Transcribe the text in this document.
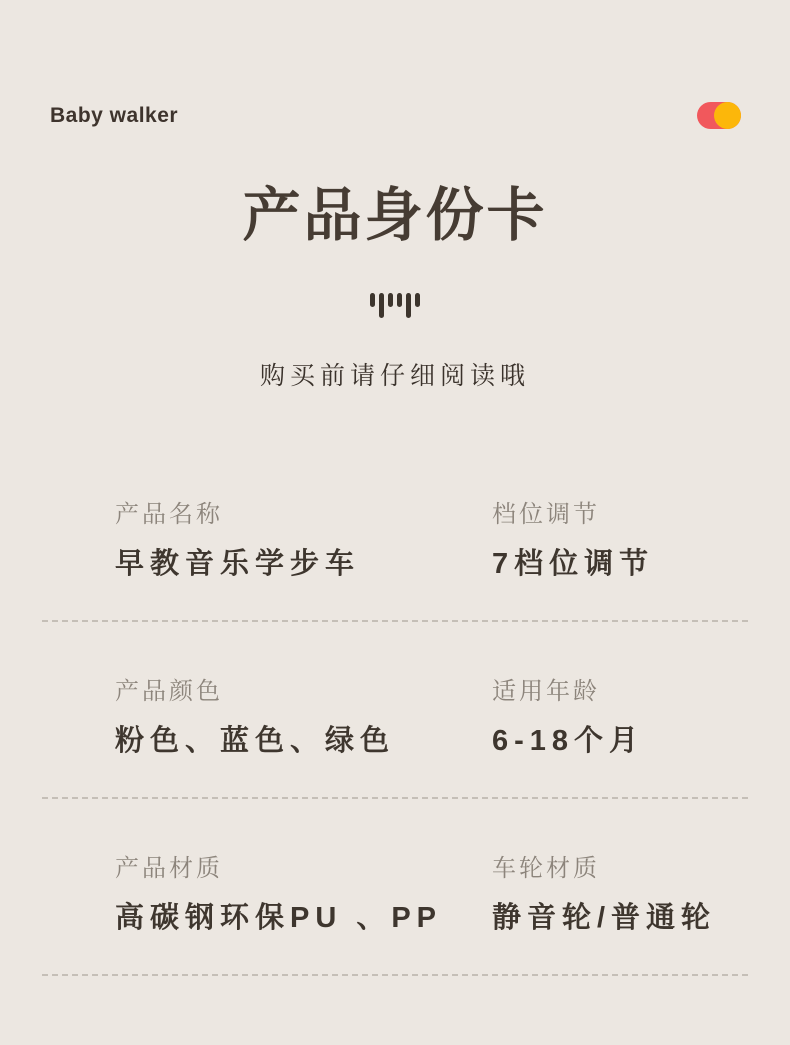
Baby walker
产品身份卡
购买前请仔细阅读哦
产品名称
早教音乐学步车
档位调节
7档位调节
产品颜色
粉色、蓝色、绿色
适用年龄
6-18个月
产品材质
高碳钢环保PU 、PP
车轮材质
静音轮/普通轮
